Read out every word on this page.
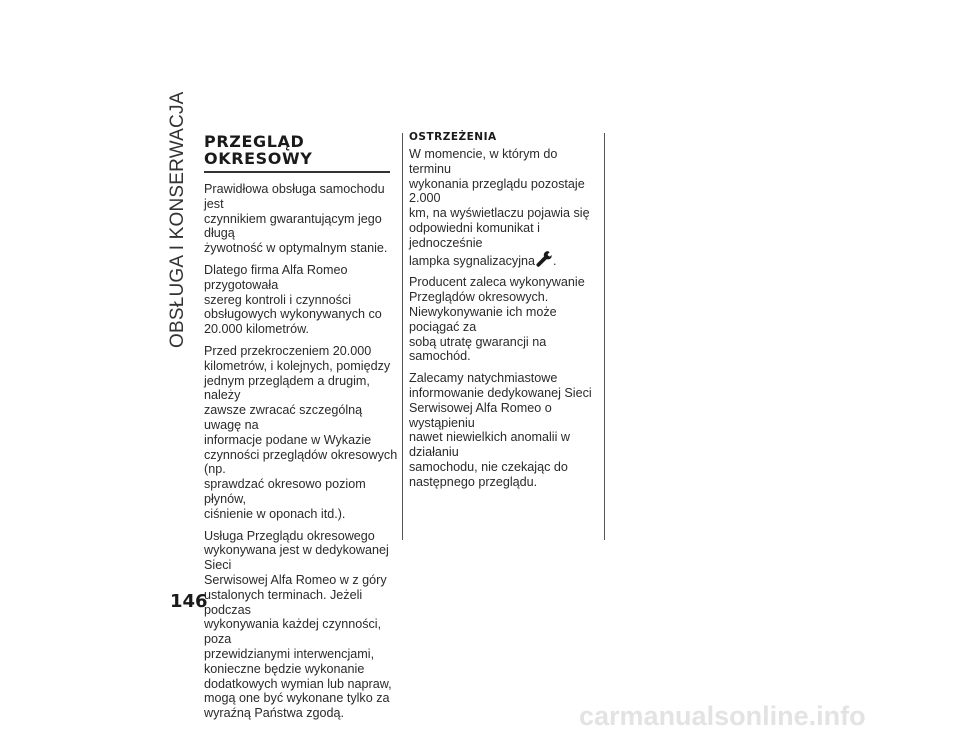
OBSŁUGA I KONSERWACJA PRZEGLĄD
OKRESOWY

Prawidłowa obsługa samochodu jest
czynnikiem gwarantującym jego długą
żywotność w optymalnym stanie.

Dlatego firma Alfa Romeo przygotowała
szereg kontroli i czynności
obsługowych wykonywanych co
20.000 kilometrów.

Przed przekroczeniem 20.000
kilometrów, i kolejnych, pomiędzy
jednym przeglądem a drugim, należy
zawsze zwracać szczególną uwagę na
informacje podane w Wykazie
czynności przeglądów okresowych (np.
sprawdzać okresowo poziom płynów,
ciśnienie w oponach itd.).

Usługa Przeglądu okresowego
wykonywana jest w dedykowanej Sieci
Serwisowej Alfa Romeo w z góry
ustalonych terminach. Jeżeli podczas
wykonywania każdej czynności, poza
przewidzianymi interwencjami,
konieczne będzie wykonanie
dodatkowych wymian lub napraw,
mogą one być wykonane tylko za
wyraźną Państwa zgodą.

OSTRZEŻENIA

W momencie, w którym do terminu
wykonania przeglądu pozostaje 2.000
km, na wyświetlaczu pojawia się
odpowiedni komunikat i jednocześnie
lampka sygnalizacyjna .

Producent zaleca wykonywanie
Przeglądów okresowych.
Niewykonywanie ich może pociągać za
sobą utratę gwarancji na samochód.

Zalecamy natychmiastowe
informowanie dedykowanej Sieci
Serwisowej Alfa Romeo o wystąpieniu
nawet niewielkich anomalii w działaniu
samochodu, nie czekając do
następnego przeglądu.

146
carmanualsonline.info
